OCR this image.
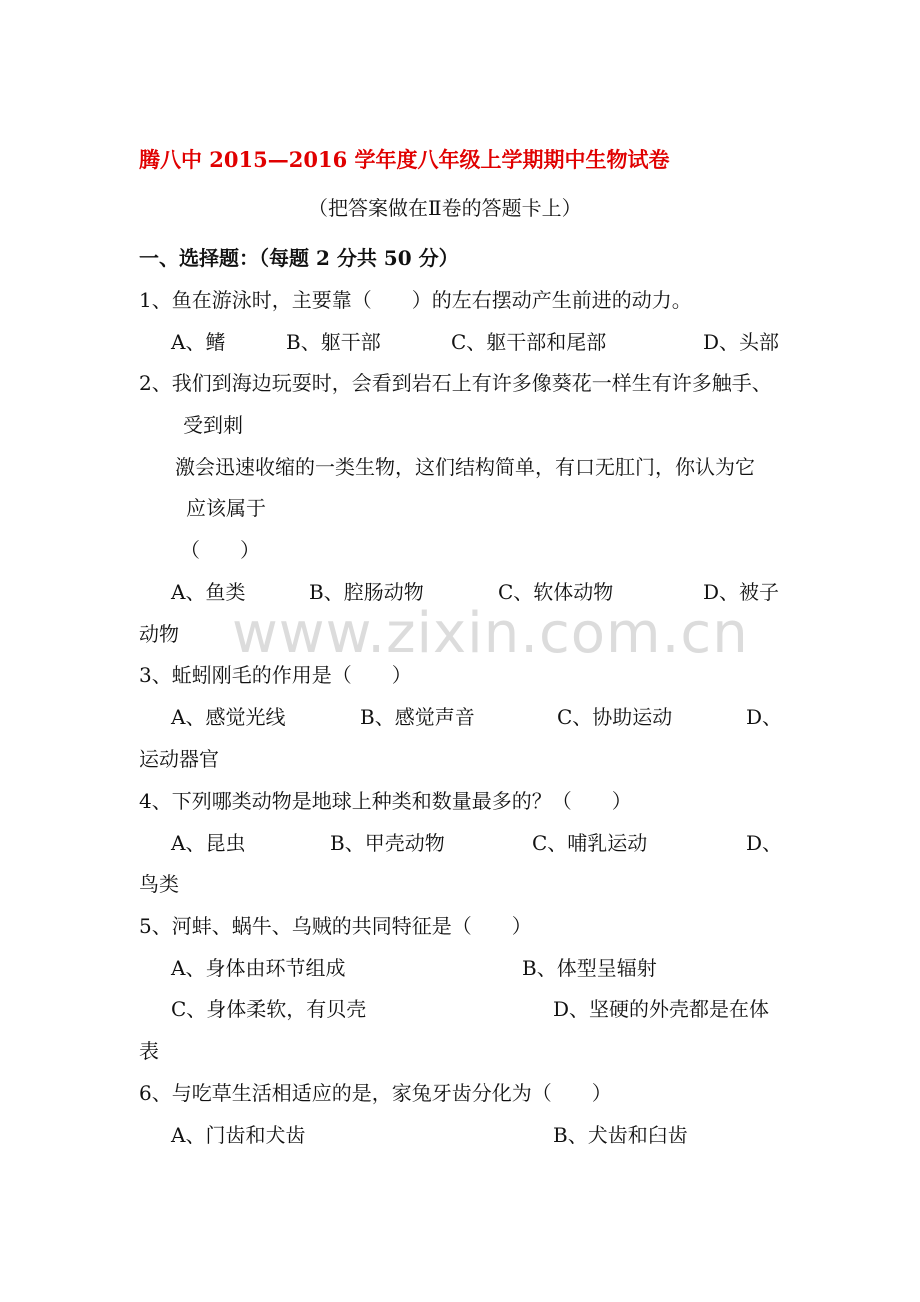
腾八中 2015—2016 学年度八年级上学期期中生物试卷
（把答案做在Ⅱ卷的答题卡上）
一、选择题：（每题 2 分共 50 分）
1、鱼在游泳时，主要靠（　　）的左右摆动产生前进的动力。
A、鳍	B、躯干部	C、躯干部和尾部	D、头部
2、我们到海边玩耍时，会看到岩石上有许多像葵花一样生有许多触手、
受到刺
激会迅速收缩的一类生物，这们结构简单，有口无肛门，你认为它
应该属于
（　　）
A、鱼类	B、腔肠动物	C、软体动物	D、被子
动物
3、蚯蚓刚毛的作用是（　　）
A、感觉光线	B、感觉声音	C、协助运动	D、
运动器官
4、下列哪类动物是地球上种类和数量最多的？（　　）
A、昆虫	B、甲壳动物	C、哺乳运动	D、
鸟类
5、河蚌、蜗牛、乌贼的共同特征是（　　）
A、身体由环节组成	B、体型呈辐射
C、身体柔软，有贝壳	D、坚硬的外壳都是在体
表
6、与吃草生活相适应的是，家兔牙齿分化为（　　）
A、门齿和犬齿	B、犬齿和臼齿
www.zixin.com.cn
